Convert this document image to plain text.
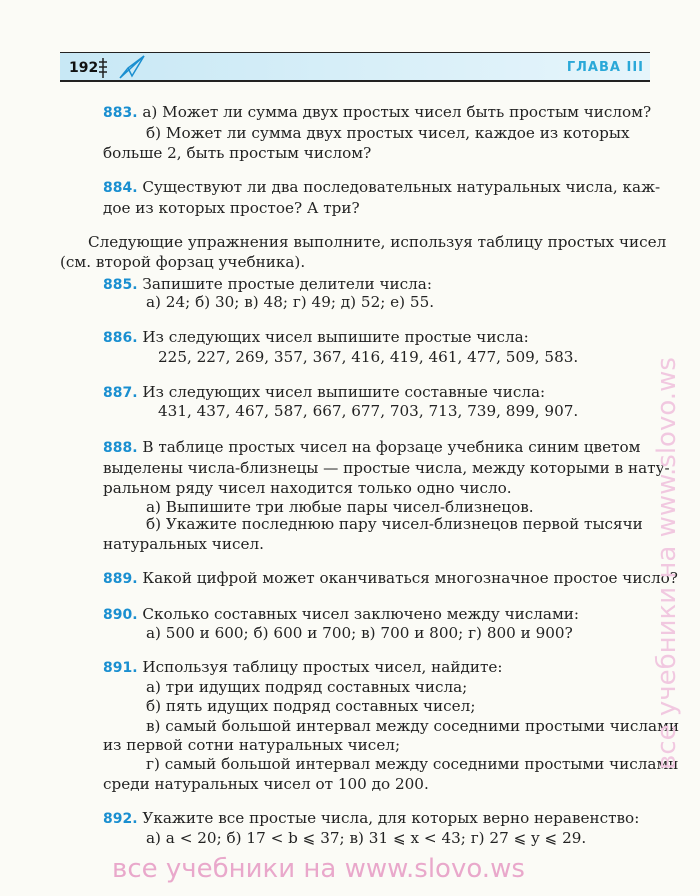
192	ГЛАВА III
883. а) Может ли сумма двух простых чисел быть простым числом?
б) Может ли сумма двух простых чисел, каждое из которых
больше 2, быть простым числом?
884. Существуют ли два последовательных натуральных числа, каж-
дое из которых простое? А три?
Следующие упражнения выполните, используя таблицу простых чисел
(см. второй форзац учебника).
885. Запишите простые делители числа:
а) 24; б) 30; в) 48; г) 49; д) 52; е) 55.
886. Из следующих чисел выпишите простые числа:
225, 227, 269, 357, 367, 416, 419, 461, 477, 509, 583.
887. Из следующих чисел выпишите составные числа:
431, 437, 467, 587, 667, 677, 703, 713, 739, 899, 907.
888. В таблице простых чисел на форзаце учебника синим цветом
выделены числа-близнецы — простые числа, между которыми в нату-
ральном ряду чисел находится только одно число.
а) Выпишите три любые пары чисел-близнецов.
б) Укажите последнюю пару чисел-близнецов первой тысячи
натуральных чисел.
889. Какой цифрой может оканчиваться многозначное простое число?
890. Сколько составных чисел заключено между числами:
а) 500 и 600; б) 600 и 700; в) 700 и 800; г) 800 и 900?
891. Используя таблицу простых чисел, найдите:
а) три идущих подряд составных числа;
б) пять идущих подряд составных чисел;
в) самый большой интервал между соседними простыми числами
из первой сотни натуральных чисел;
г) самый большой интервал между соседними простыми числами
среди натуральных чисел от 100 до 200.
892. Укажите все простые числа, для которых верно неравенство:
а) a < 20; б) 17 < b ⩽ 37; в) 31 ⩽ x < 43; г) 27 ⩽ y ⩽ 29.
все учебники на www.slovo.ws
все учебники на www.slovo.ws
